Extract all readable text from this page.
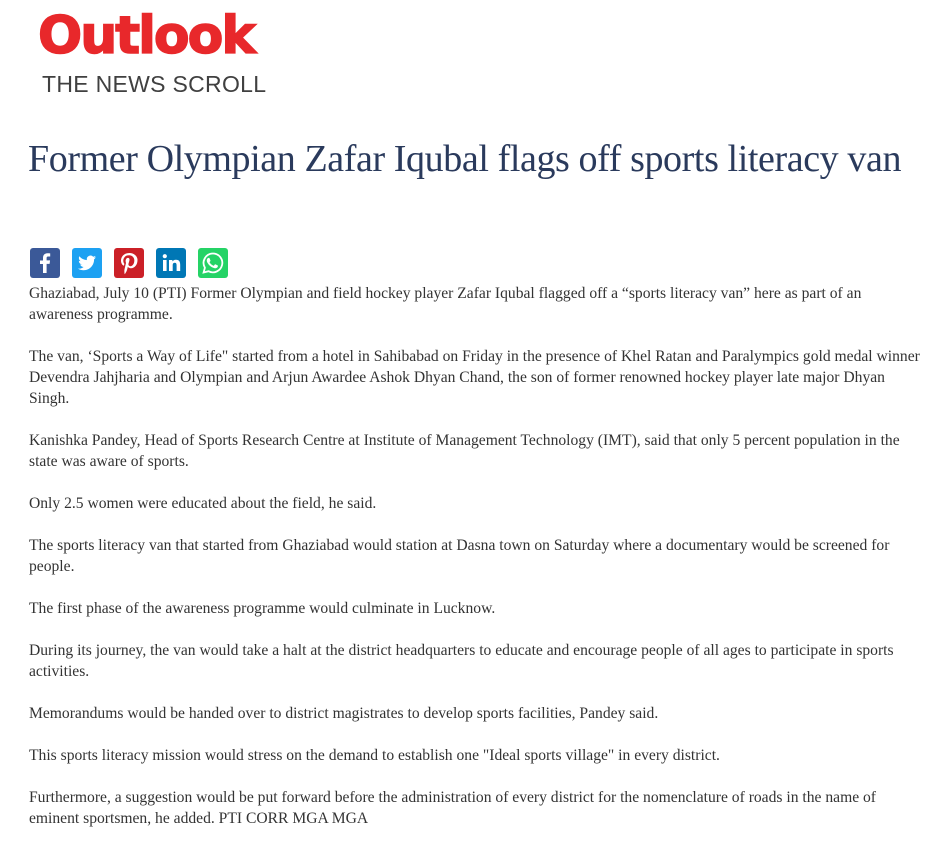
Outlook
THE NEWS SCROLL
Former Olympian Zafar Iqubal flags off sports literacy van

Ghaziabad, July 10 (PTI) Former Olympian and field hockey player Zafar Iqubal flagged off a “sports literacy van” here as part of an awareness programme.

The van, ‘Sports a Way of Life" started from a hotel in Sahibabad on Friday in the presence of Khel Ratan and Paralympics gold medal winner Devendra Jahjharia and Olympian and Arjun Awardee Ashok Dhyan Chand, the son of former renowned hockey player late major Dhyan Singh.

Kanishka Pandey, Head of Sports Research Centre at Institute of Management Technology (IMT), said that only 5 percent population in the state was aware of sports.

Only 2.5 women were educated about the field, he said.

The sports literacy van that started from Ghaziabad would station at Dasna town on Saturday where a documentary would be screened for people.

The first phase of the awareness programme would culminate in Lucknow.

During its journey, the van would take a halt at the district headquarters to educate and encourage people of all ages to participate in sports activities.

Memorandums would be handed over to district magistrates to develop sports facilities, Pandey said.

This sports literacy mission would stress on the demand to establish one "Ideal sports village" in every district.

Furthermore, a suggestion would be put forward before the administration of every district for the nomenclature of roads in the name of eminent sportsmen, he added. PTI CORR MGA MGA
